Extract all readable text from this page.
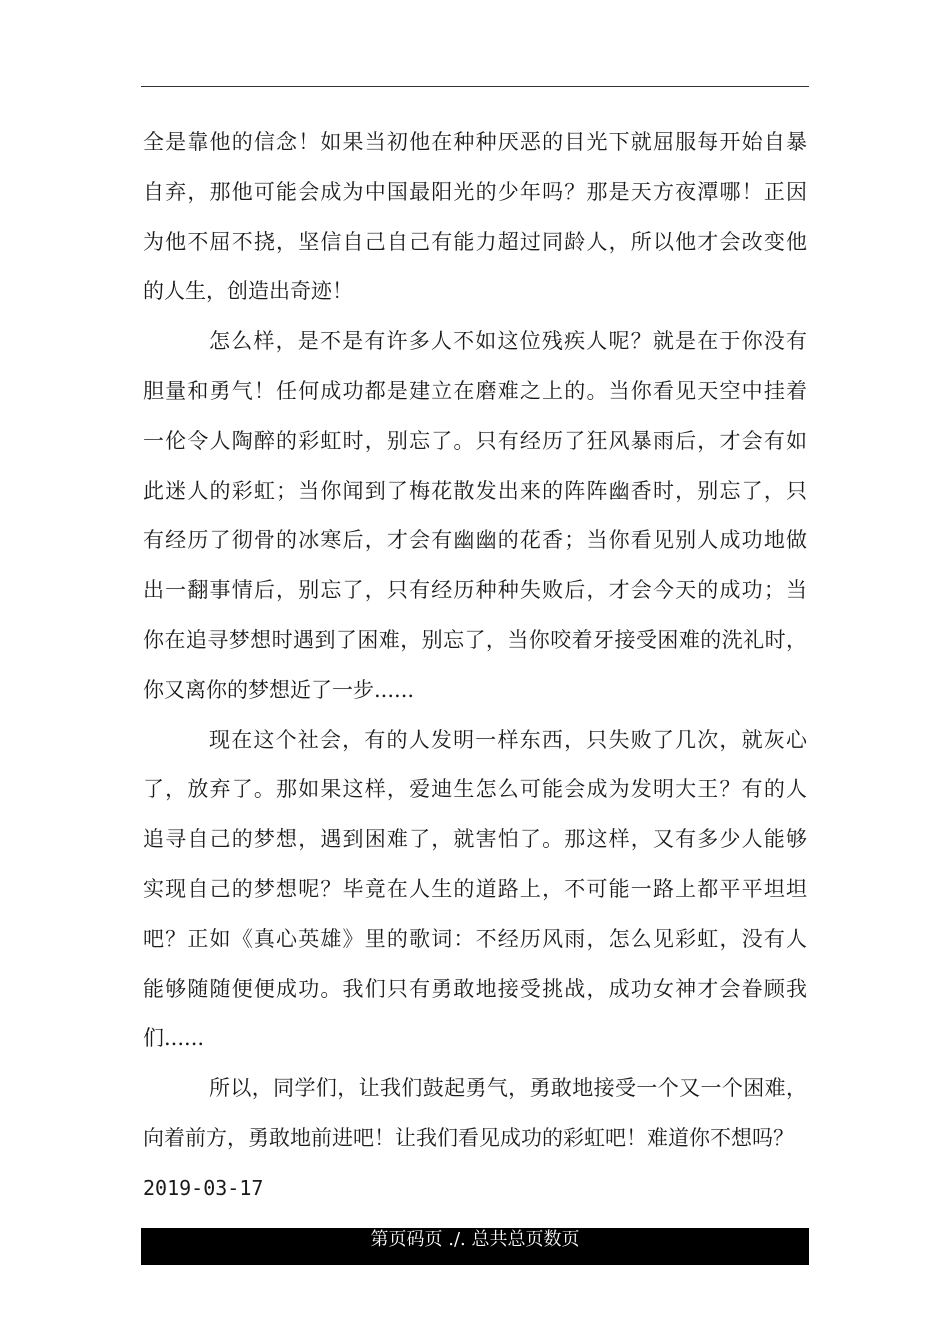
全是靠他的信念！如果当初他在种种厌恶的目光下就屈服每开始自暴
自弃，那他可能会成为中国最阳光的少年吗？那是天方夜潭哪！正因
为他不屈不挠，坚信自己自己有能力超过同龄人，所以他才会改变他
的人生，创造出奇迹！
怎么样，是不是有许多人不如这位残疾人呢？就是在于你没有
胆量和勇气！任何成功都是建立在磨难之上的。当你看见天空中挂着
一伦令人陶醉的彩虹时，别忘了。只有经历了狂风暴雨后，才会有如
此迷人的彩虹；当你闻到了梅花散发出来的阵阵幽香时，别忘了，只
有经历了彻骨的冰寒后，才会有幽幽的花香；当你看见别人成功地做
出一翻事情后，别忘了，只有经历种种失败后，才会今天的成功；当
你在追寻梦想时遇到了困难，别忘了，当你咬着牙接受困难的洗礼时，
你又离你的梦想近了一步......
现在这个社会，有的人发明一样东西，只失败了几次，就灰心
了，放弃了。那如果这样，爱迪生怎么可能会成为发明大王？有的人
追寻自己的梦想，遇到困难了，就害怕了。那这样，又有多少人能够
实现自己的梦想呢？毕竟在人生的道路上，不可能一路上都平平坦坦
吧？正如《真心英雄》里的歌词：不经历风雨，怎么见彩虹，没有人
能够随随便便成功。我们只有勇敢地接受挑战，成功女神才会眷顾我
们......
所以，同学们，让我们鼓起勇气，勇敢地接受一个又一个困难，
向着前方，勇敢地前进吧！让我们看见成功的彩虹吧！难道你不想吗？
2019-03-17
第页码页 ./. 总共总页数页
